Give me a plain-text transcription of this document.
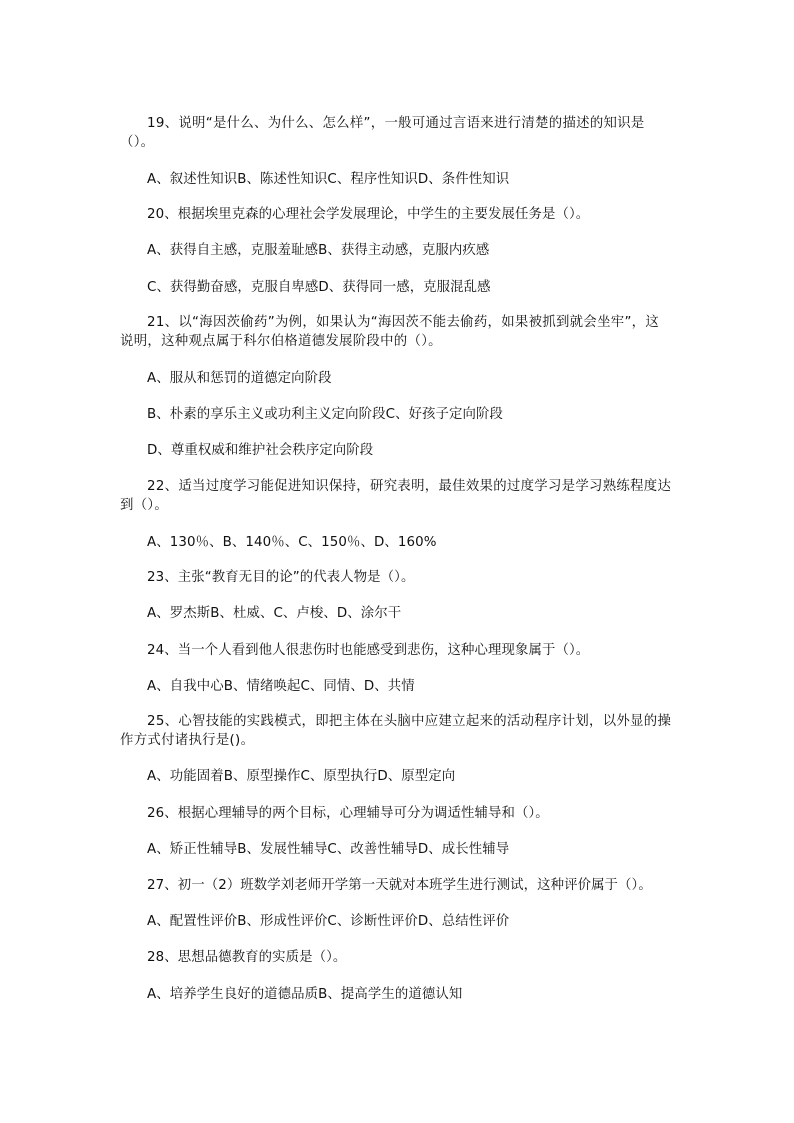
19、说明“是什么、为什么、怎么样”，一般可通过言语来进行清楚的描述的知识是（）。
A、叙述性知识B、陈述性知识C、程序性知识D、条件性知识
20、根据埃里克森的心理社会学发展理论，中学生的主要发展任务是（）。
A、获得自主感，克服羞耻感B、获得主动感，克服内疚感
C、获得勤奋感，克服自卑感D、获得同一感，克服混乱感
21、以“海因茨偷药”为例，如果认为“海因茨不能去偷药，如果被抓到就会坐牢”，这说明，这种观点属于科尔伯格道德发展阶段中的（）。
A、服从和惩罚的道德定向阶段
B、朴素的享乐主义或功利主义定向阶段C、好孩子定向阶段
D、尊重权威和维护社会秩序定向阶段
22、适当过度学习能促进知识保持，研究表明，最佳效果的过度学习是学习熟练程度达到（）。
A、130％、B、140％、C、150％、D、160%
23、主张“教育无目的论”的代表人物是（）。
A、罗杰斯B、杜威、C、卢梭、D、涂尔干
24、当一个人看到他人很悲伤时也能感受到悲伤，这种心理现象属于（）。
A、自我中心B、情绪唤起C、同情、D、共情
25、心智技能的实践模式，即把主体在头脑中应建立起来的活动程序计划，以外显的操作方式付诸执行是()。
A、功能固着B、原型操作C、原型执行D、原型定向
26、根据心理辅导的两个目标，心理辅导可分为调适性辅导和（）。
A、矫正性辅导B、发展性辅导C、改善性辅导D、成长性辅导
27、初一（2）班数学刘老师开学第一天就对本班学生进行测试，这种评价属于（）。
A、配置性评价B、形成性评价C、诊断性评价D、总结性评价
28、思想品德教育的实质是（）。
A、培养学生良好的道德品质B、提高学生的道德认知
